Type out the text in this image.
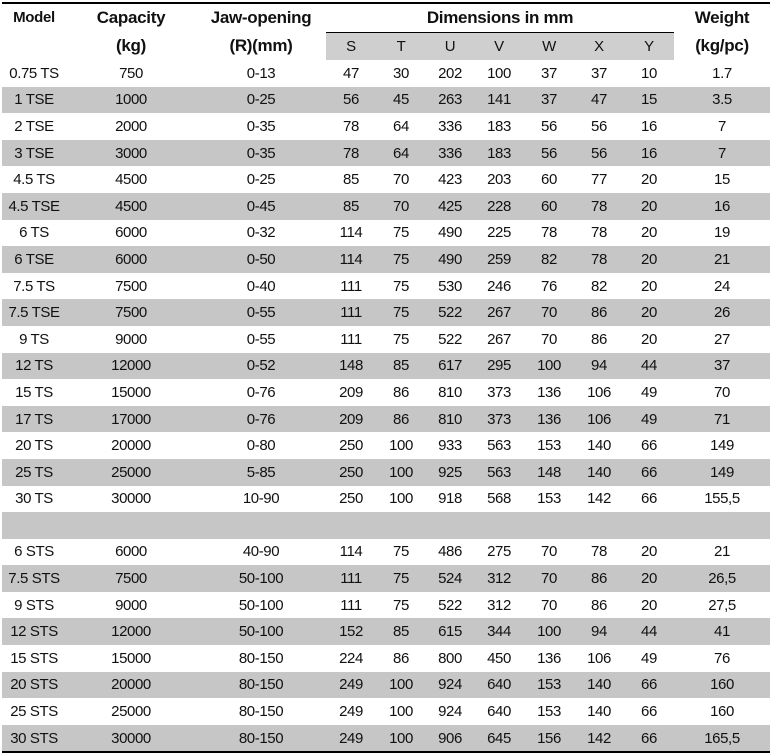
Model	Capacity	Jaw-opening	Dimensions in mm							Weight
	(kg)	(R)(mm)	S	T	U	V	W	X	Y	(kg/pc)
0.75 TS	750	0-13	47	30	202	100	37	37	10	1.7
1 TSE	1000	0-25	56	45	263	141	37	47	15	3.5
2 TSE	2000	0-35	78	64	336	183	56	56	16	7
3 TSE	3000	0-35	78	64	336	183	56	56	16	7
4.5 TS	4500	0-25	85	70	423	203	60	77	20	15
4.5 TSE	4500	0-45	85	70	425	228	60	78	20	16
6 TS	6000	0-32	114	75	490	225	78	78	20	19
6 TSE	6000	0-50	114	75	490	259	82	78	20	21
7.5 TS	7500	0-40	111	75	530	246	76	82	20	24
7.5 TSE	7500	0-55	111	75	522	267	70	86	20	26
9 TS	9000	0-55	111	75	522	267	70	86	20	27
12 TS	12000	0-52	148	85	617	295	100	94	44	37
15 TS	15000	0-76	209	86	810	373	136	106	49	70
17 TS	17000	0-76	209	86	810	373	136	106	49	71
20 TS	20000	0-80	250	100	933	563	153	140	66	149
25 TS	25000	5-85	250	100	925	563	148	140	66	149
30 TS	30000	10-90	250	100	918	568	153	142	66	155,5

6 STS	6000	40-90	114	75	486	275	70	78	20	21
7.5 STS	7500	50-100	111	75	524	312	70	86	20	26,5
9 STS	9000	50-100	111	75	522	312	70	86	20	27,5
12 STS	12000	50-100	152	85	615	344	100	94	44	41
15 STS	15000	80-150	224	86	800	450	136	106	49	76
20 STS	20000	80-150	249	100	924	640	153	140	66	160
25 STS	25000	80-150	249	100	924	640	153	140	66	160
30 STS	30000	80-150	249	100	906	645	156	142	66	165,5
